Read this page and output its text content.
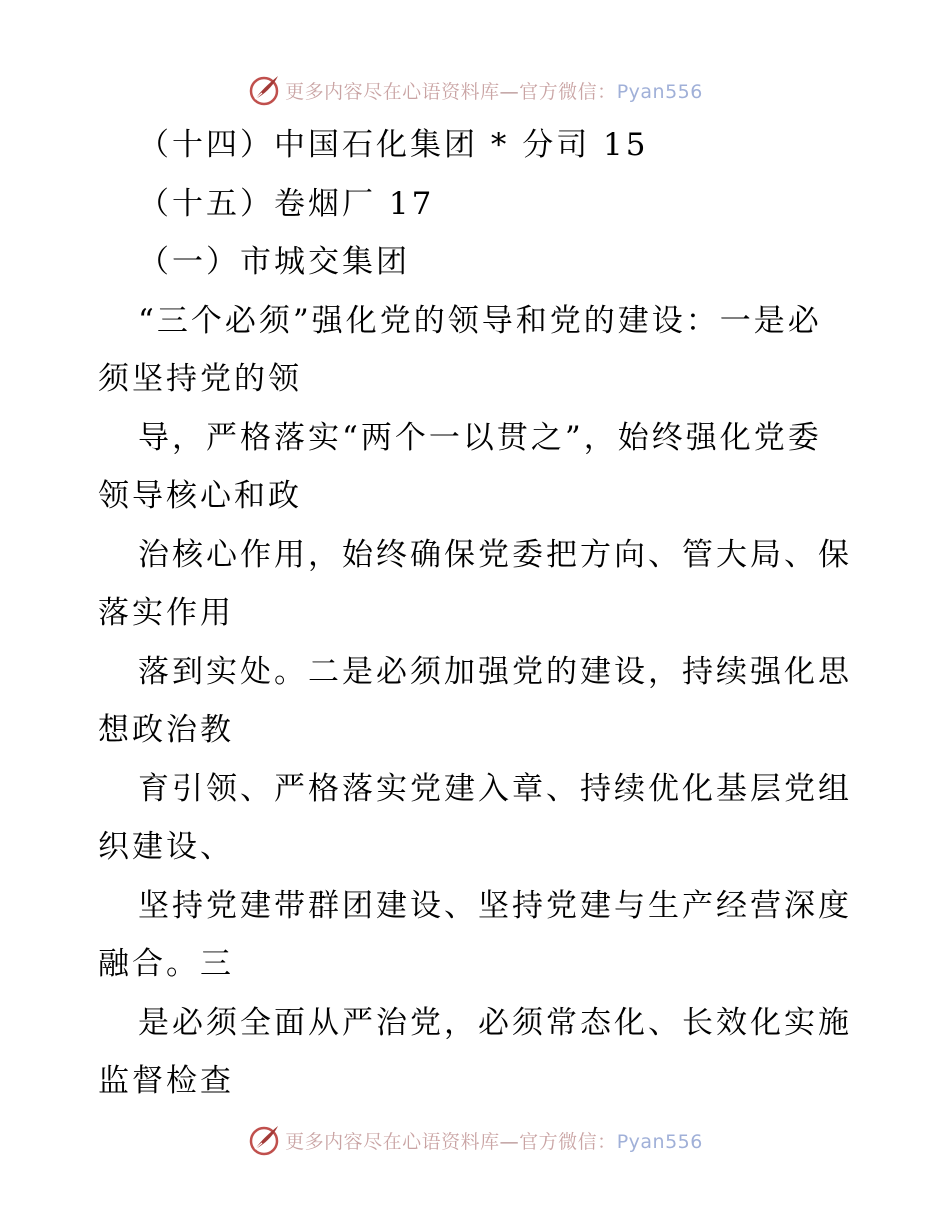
更多内容尽在心语资料库—官方微信：Pyan556
（十四）中国石化集团 * 分司 15
（十五）卷烟厂 17
（一）市城交集团
“三个必须”强化党的领导和党的建设：一是必
须坚持党的领
导，严格落实“两个一以贯之”，始终强化党委
领导核心和政
治核心作用，始终确保党委把方向、管大局、保
落实作用
落到实处。二是必须加强党的建设，持续强化思
想政治教
育引领、严格落实党建入章、持续优化基层党组
织建设、
坚持党建带群团建设、坚持党建与生产经营深度
融合。三
是必须全面从严治党，必须常态化、长效化实施
监督检查
更多内容尽在心语资料库—官方微信：Pyan556
